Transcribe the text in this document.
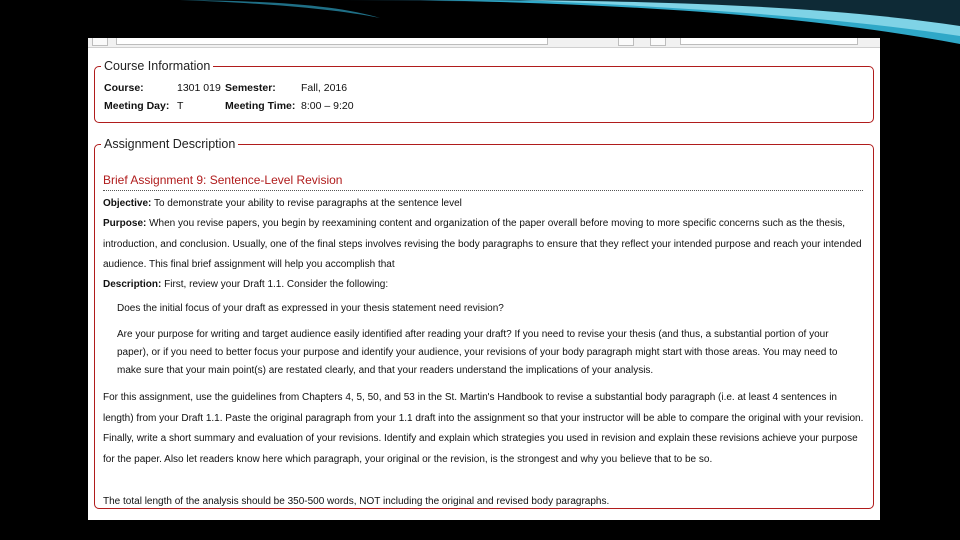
Course Information
Course:	1301 019 Semester: Fall, 2016
Meeting Day: T	Meeting Time: 8:00 – 9:20
Assignment Description
Brief Assignment 9: Sentence-Level Revision

Objective: To demonstrate your ability to revise paragraphs at the sentence level

Purpose: When you revise papers, you begin by reexamining content and organization of the paper overall before moving to more specific concerns such as the thesis, introduction, and conclusion. Usually, one of the final steps involves revising the body paragraphs to ensure that they reflect your intended purpose and reach your intended audience. This final brief assignment will help you accomplish that

Description: First, review your Draft 1.1. Consider the following:

Does the initial focus of your draft as expressed in your thesis statement need revision?

Are your purpose for writing and target audience easily identified after reading your draft? If you need to revise your thesis (and thus, a substantial portion of your paper), or if you need to better focus your purpose and identify your audience, your revisions of your body paragraph might start with those areas. You may need to make sure that your main point(s) are restated clearly, and that your readers understand the implications of your analysis.

For this assignment, use the guidelines from Chapters 4, 5, 50, and 53 in the St. Martin's Handbook to revise a substantial body paragraph (i.e. at least 4 sentences in length) from your Draft 1.1. Paste the original paragraph from your 1.1 draft into the assignment so that your instructor will be able to compare the original with your revision. Finally, write a short summary and evaluation of your revisions. Identify and explain which strategies you used in revision and explain these revisions achieve your purpose for the paper. Also let readers know here which paragraph, your original or the revision, is the strongest and why you believe that to be so.

The total length of the analysis should be 350-500 words, NOT including the original and revised body paragraphs.
